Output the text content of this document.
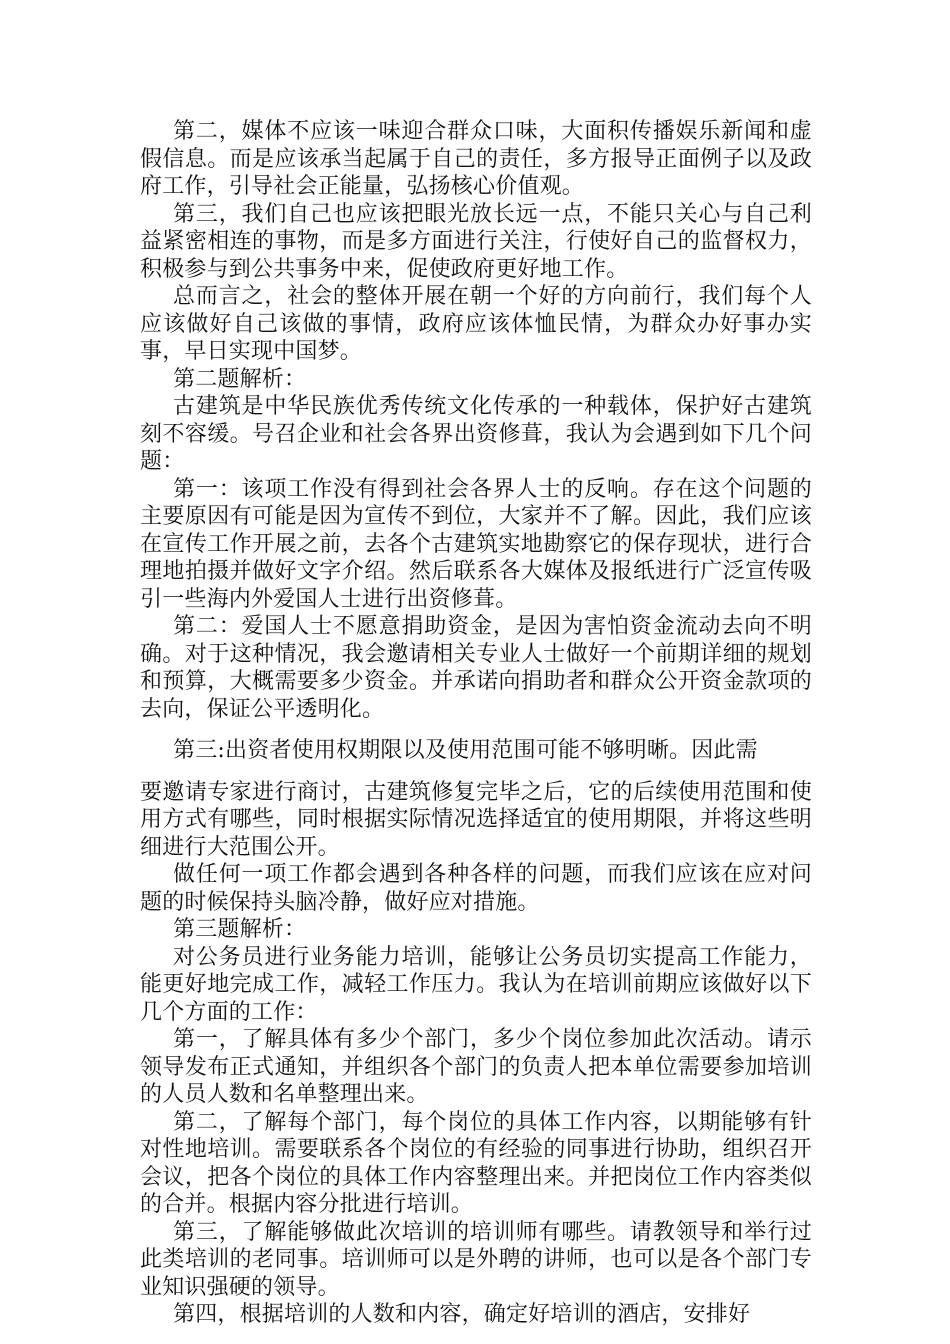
第二，媒体不应该一味迎合群众口味，大面积传播娱乐新闻和虚假信息。而是应该承当起属于自己的责任，多方报导正面例子以及政府工作，引导社会正能量，弘扬核心价值观。

第三，我们自己也应该把眼光放长远一点，不能只关心与自己利益紧密相连的事物，而是多方面进行关注，行使好自己的监督权力，积极参与到公共事务中来，促使政府更好地工作。

总而言之，社会的整体开展在朝一个好的方向前行，我们每个人应该做好自己该做的事情，政府应该体恤民情，为群众办好事办实事，早日实现中国梦。

第二题解析：

古建筑是中华民族优秀传统文化传承的一种载体，保护好古建筑刻不容缓。号召企业和社会各界出资修葺，我认为会遇到如下几个问题：

第一：该项工作没有得到社会各界人士的反响。存在这个问题的主要原因有可能是因为宣传不到位，大家并不了解。因此，我们应该在宣传工作开展之前，去各个古建筑实地勘察它的保存现状，进行合理地拍摄并做好文字介绍。然后联系各大媒体及报纸进行广泛宣传吸引一些海内外爱国人士进行出资修葺。

第二：爱国人士不愿意捐助资金，是因为害怕资金流动去向不明确。对于这种情况，我会邀请相关专业人士做好一个前期详细的规划和预算，大概需要多少资金。并承诺向捐助者和群众公开资金款项的去向，保证公平透明化。

第三:出资者使用权期限以及使用范围可能不够明晰。因此需

要邀请专家进行商讨，古建筑修复完毕之后，它的后续使用范围和使用方式有哪些，同时根据实际情况选择适宜的使用期限，并将这些明细进行大范围公开。

做任何一项工作都会遇到各种各样的问题，而我们应该在应对问题的时候保持头脑冷静，做好应对措施。

第三题解析：

对公务员进行业务能力培训，能够让公务员切实提高工作能力，能更好地完成工作，减轻工作压力。我认为在培训前期应该做好以下几个方面的工作：

第一，了解具体有多少个部门，多少个岗位参加此次活动。请示领导发布正式通知，并组织各个部门的负责人把本单位需要参加培训的人员人数和名单整理出来。

第二，了解每个部门，每个岗位的具体工作内容，以期能够有针对性地培训。需要联系各个岗位的有经验的同事进行协助，组织召开会议，把各个岗位的具体工作内容整理出来。并把岗位工作内容类似的合并。根据内容分批进行培训。

第三，了解能够做此次培训的培训师有哪些。请教领导和举行过此类培训的老同事。培训师可以是外聘的讲师，也可以是各个部门专业知识强硬的领导。

第四，根据培训的人数和内容，确定好培训的酒店，安排好
